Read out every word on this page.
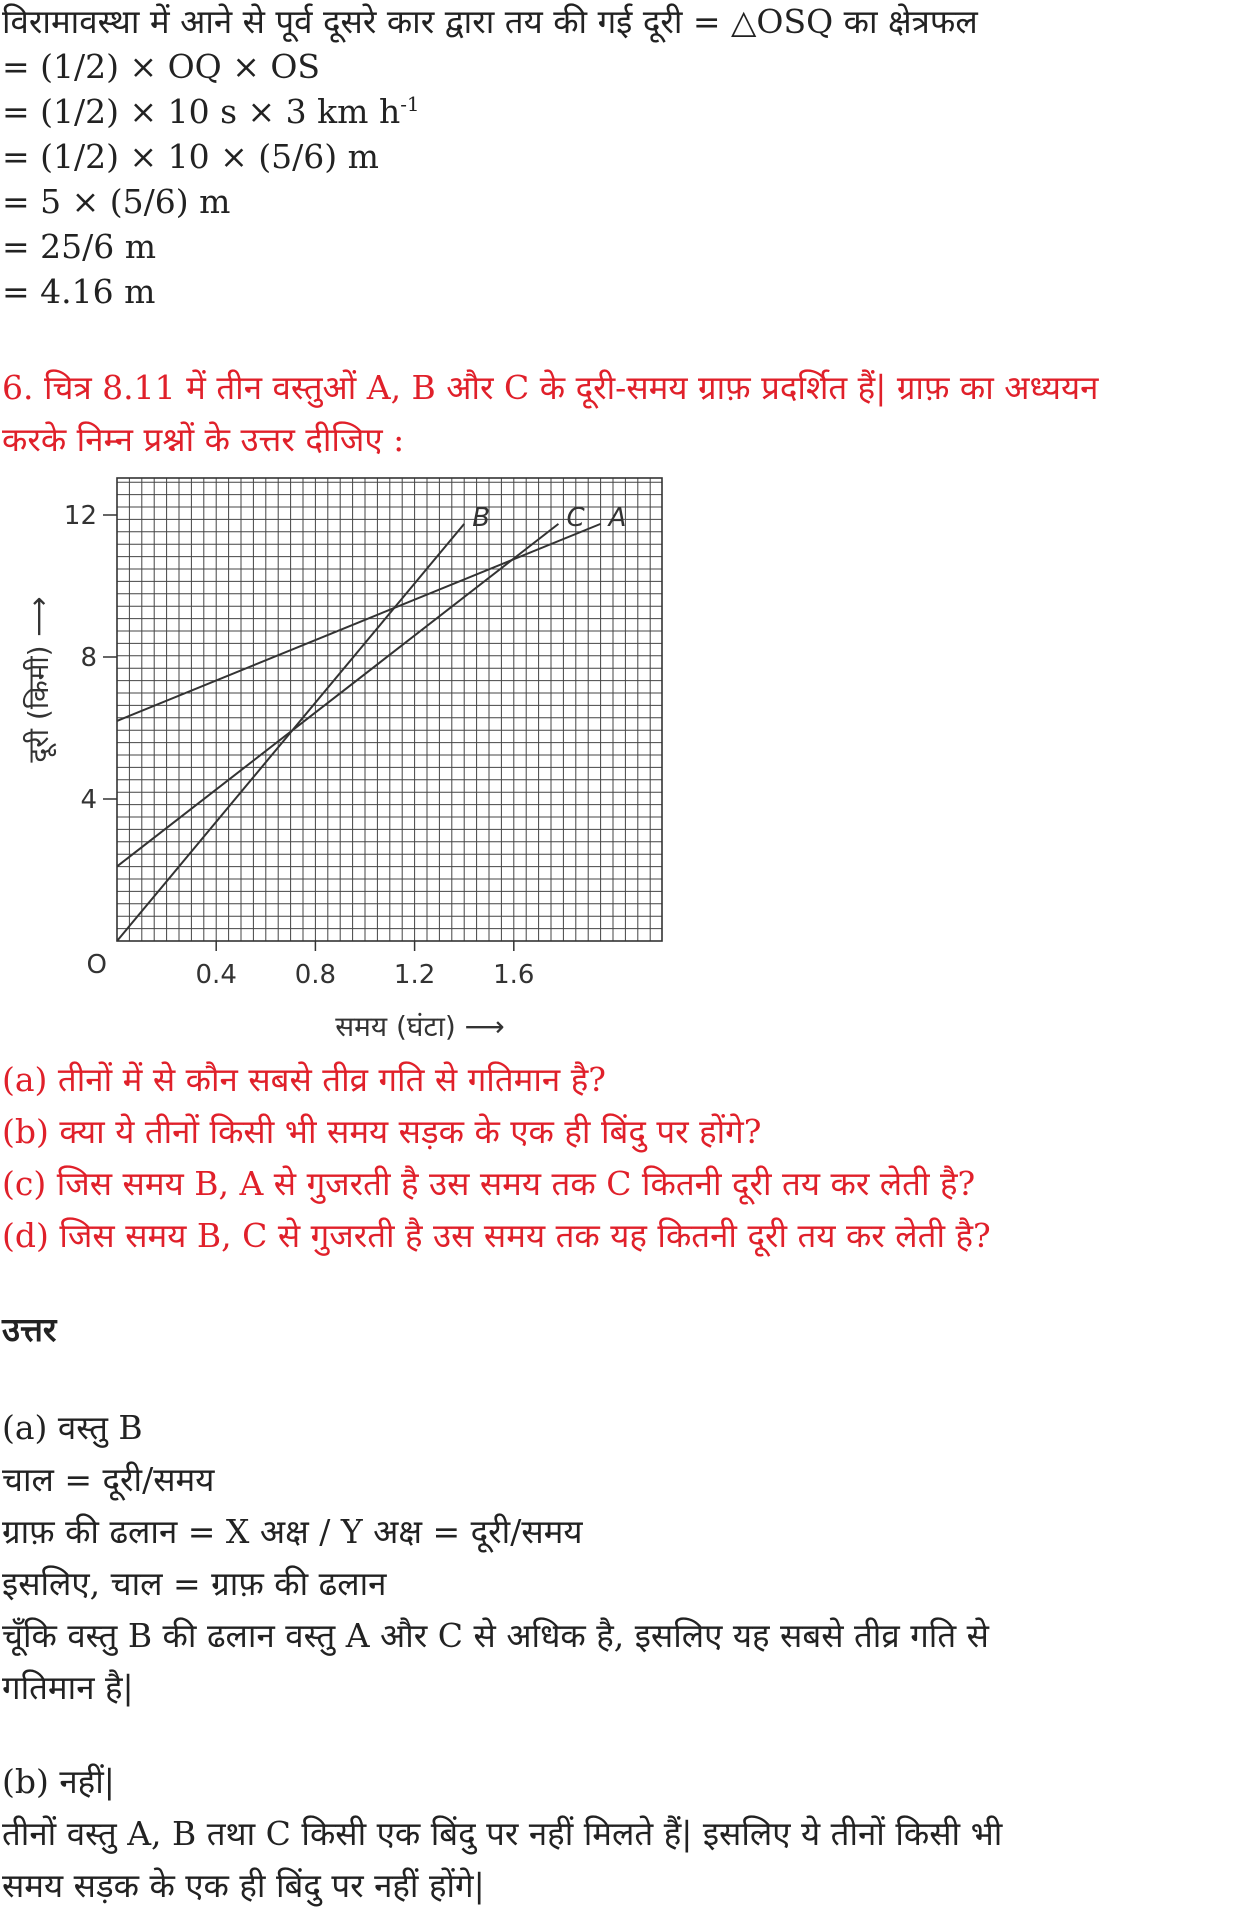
विरामावस्था में आने से पूर्व दूसरे कार द्वारा तय की गई दूरी = △OSQ का क्षेत्रफल
= (1/2) × OQ × OS
= (1/2) × 10 s × 3 km $h^{-1}$
= (1/2) × 10 × (5/6) m
= 5 × (5/6) m
= 25/6 m
= 4.16 m
6. चित्र 8.11 में तीन वस्तुओं A, B और C के दूरी-समय ग्राफ़ प्रदर्शित हैं| ग्राफ़ का अध्ययन
करके निम्न प्रश्नों के उत्तर दीजिए :
A
B	C
0.4 0.8 1.2 1.6
4
8
12
O
समय (घंटा) ⟶
दूरी (किमी) ⟶
(a) तीनों में से कौन सबसे तीव्र गति से गतिमान है?
(b) क्या ये तीनों किसी भी समय सड़क के एक ही बिंदु पर होंगे?
(c) जिस समय B, A से गुजरती है उस समय तक C कितनी दूरी तय कर लेती है?
(d) जिस समय B, C से गुजरती है उस समय तक यह कितनी दूरी तय कर लेती है?
उत्तर
(a) वस्तु B
चाल = दूरी/समय
ग्राफ़ की ढलान = X अक्ष / Y अक्ष = दूरी/समय
इसलिए, चाल = ग्राफ़ की ढलान
चूँकि वस्तु B की ढलान वस्तु A और C से अधिक है, इसलिए यह सबसे तीव्र गति से
गतिमान है|
(b) नहीं|
तीनों वस्तु A, B तथा C किसी एक बिंदु पर नहीं मिलते हैं| इसलिए ये तीनों किसी भी
समय सड़क के एक ही बिंदु पर नहीं होंगे|
